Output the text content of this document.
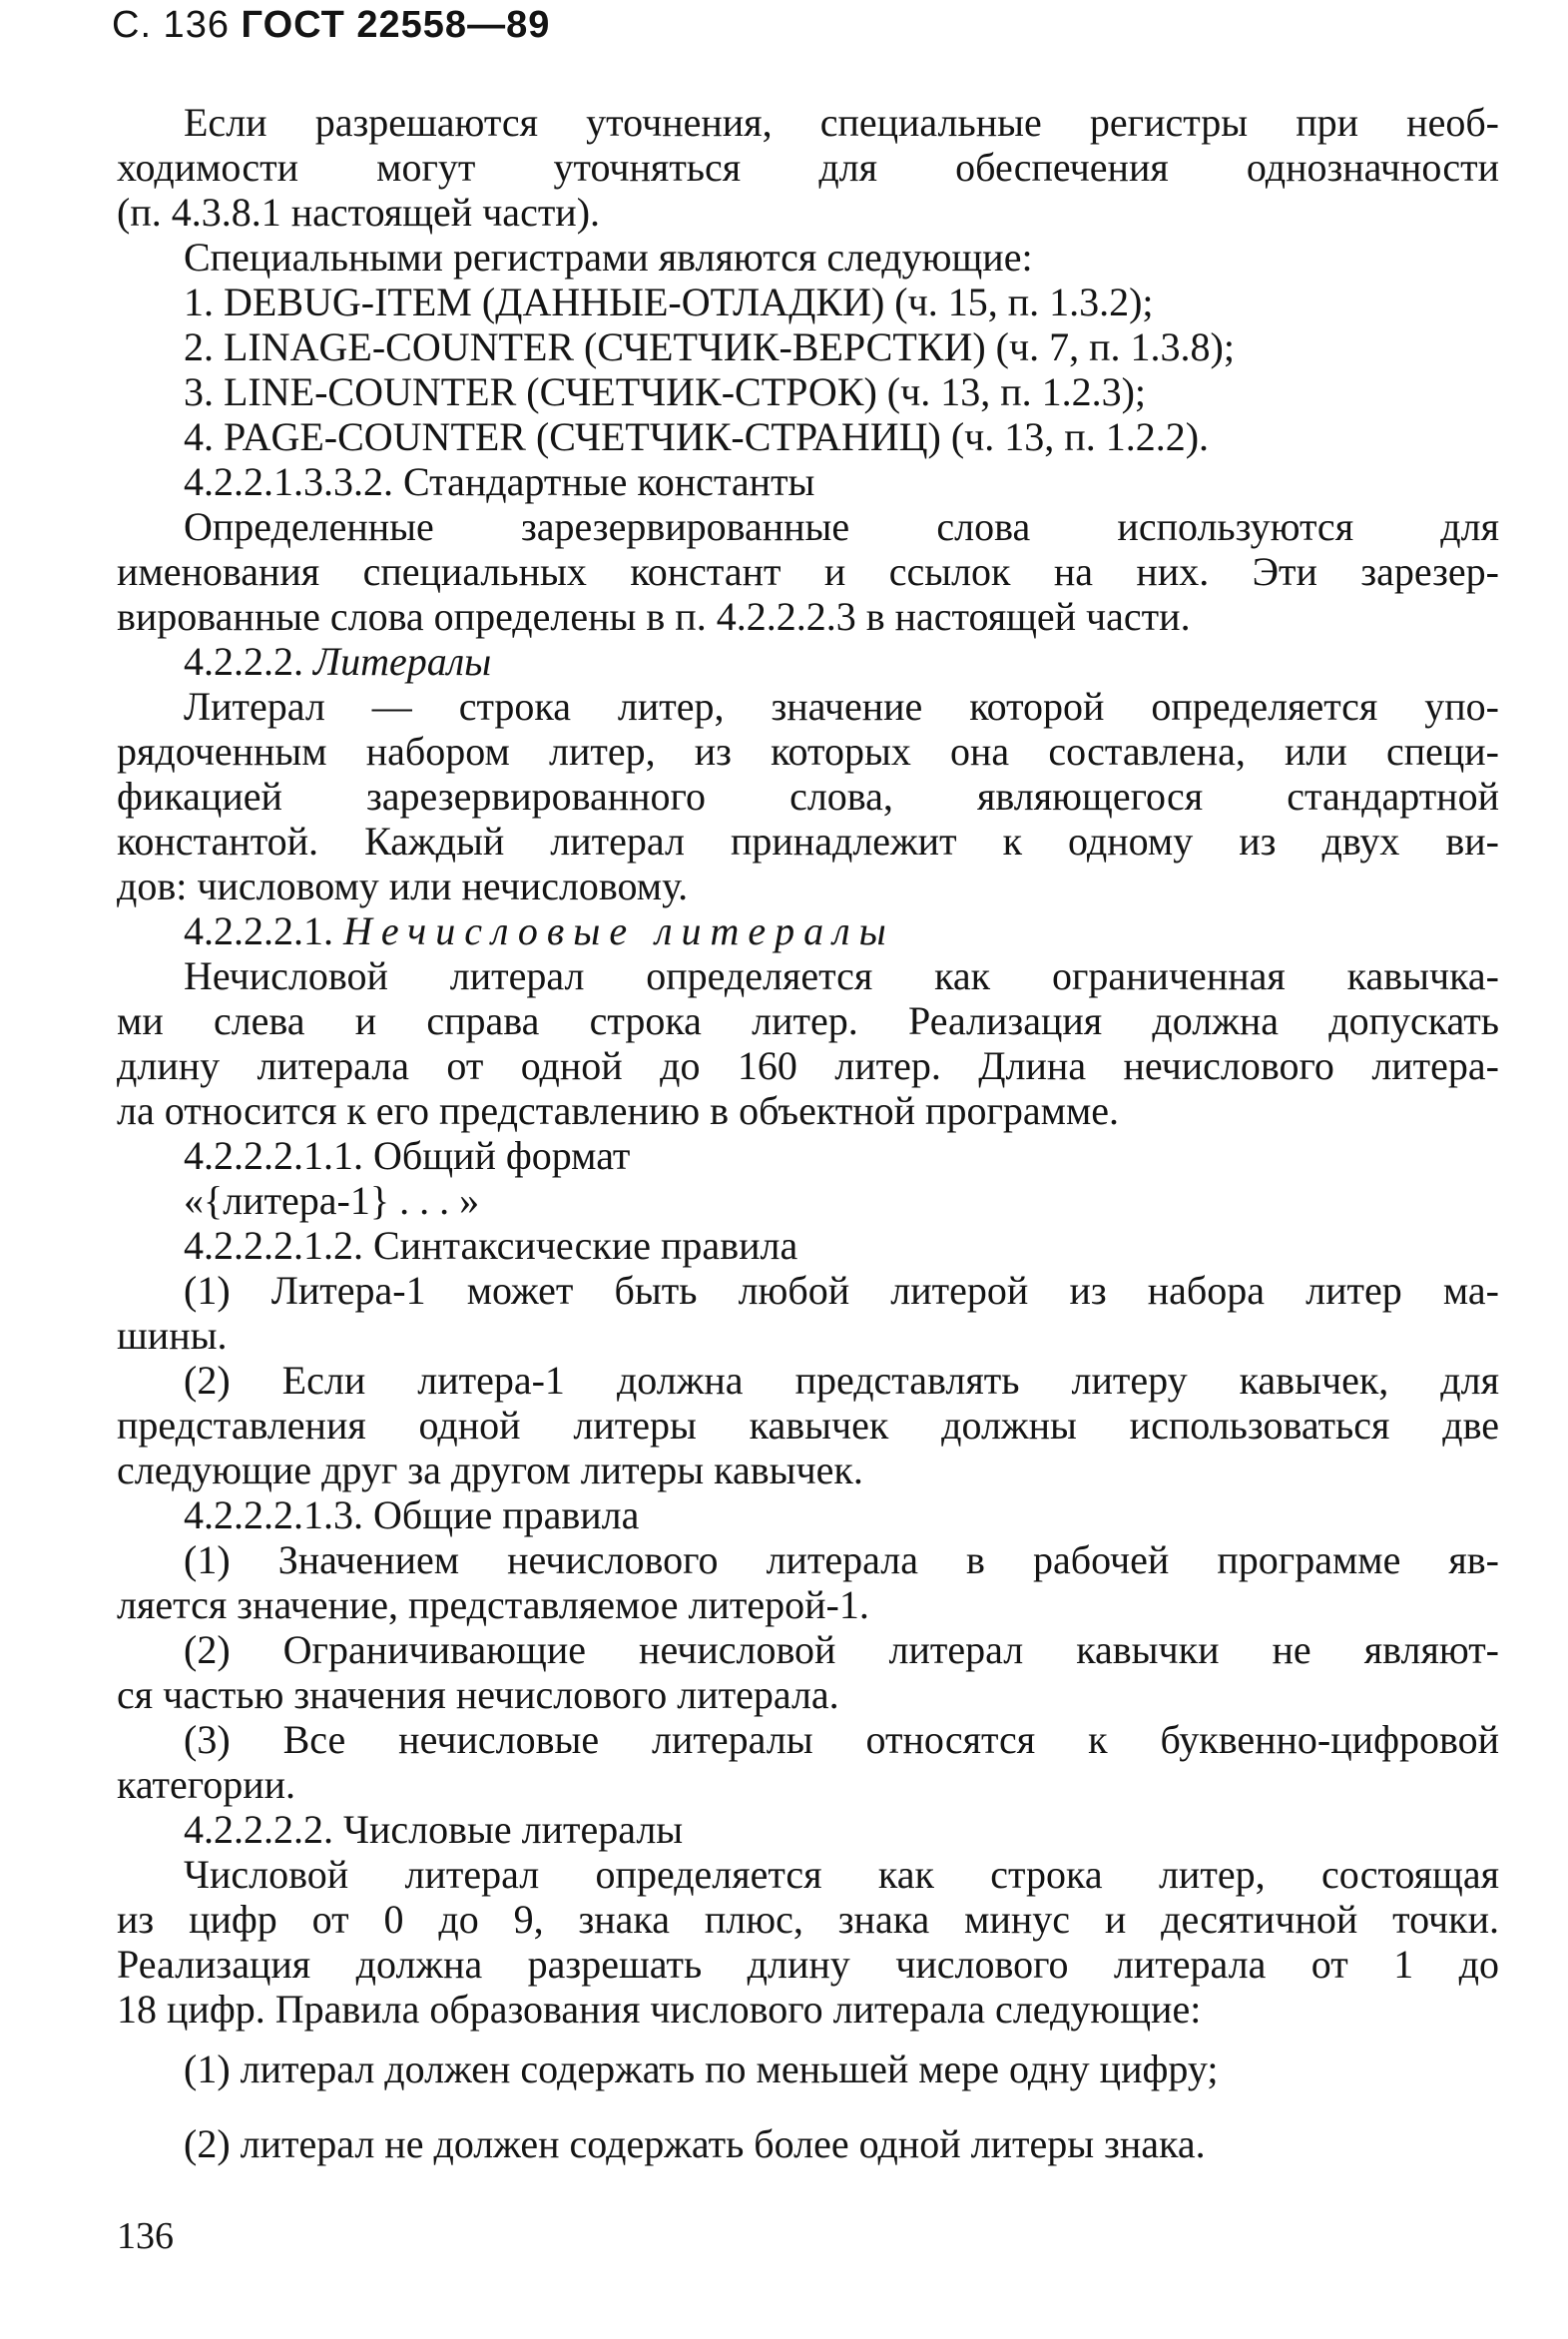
С. 136 ГОСТ 22558—89
Если разрешаются уточнения, специальные регистры при необ-
ходимости могут уточняться для обеспечения однозначности
(п. 4.3.8.1 настоящей части).
Специальными регистрами являются следующие:
1. DEBUG-ITEM (ДАННЫЕ-ОТЛАДКИ) (ч. 15, п. 1.3.2);
2. LINAGE-COUNTER (СЧЕТЧИК-ВЕРСТКИ) (ч. 7, п. 1.3.8);
3. LINE-COUNTER (СЧЕТЧИК-СТРОК) (ч. 13, п. 1.2.3);
4. PAGE-COUNTER (СЧЕТЧИК-СТРАНИЦ) (ч. 13, п. 1.2.2).
4.2.2.1.3.3.2. Стандартные константы
Определенные зарезервированные слова используются для
именования специальных констант и ссылок на них. Эти зарезер-
вированные слова определены в п. 4.2.2.2.3 в настоящей части.
4.2.2.2. Литералы
Литерал — строка литер, значение которой определяется упо-
рядоченным набором литер, из которых она составлена, или специ-
фикацией зарезервированного слова, являющегося стандартной
константой. Каждый литерал принадлежит к одному из двух ви-
дов: числовому или нечисловому.
4.2.2.2.1. Нечисловые литералы
Нечисловой литерал определяется как ограниченная кавычка-
ми слева и справа строка литер. Реализация должна допускать
длину литерала от одной до 160 литер. Длина нечислового литера-
ла относится к его представлению в объектной программе.
4.2.2.2.1.1. Общий формат
«{литера-1} . . . »
4.2.2.2.1.2. Синтаксические правила
(1) Литера-1 может быть любой литерой из набора литер ма-
шины.
(2) Если литера-1 должна представлять литеру кавычек, для
представления одной литеры кавычек должны использоваться две
следующие друг за другом литеры кавычек.
4.2.2.2.1.3. Общие правила
(1) Значением нечислового литерала в рабочей программе яв-
ляется значение, представляемое литерой-1.
(2) Ограничивающие нечисловой литерал кавычки не являют-
ся частью значения нечислового литерала.
(3) Все нечисловые литералы относятся к буквенно-цифровой
категории.
4.2.2.2.2. Числовые литералы
Числовой литерал определяется как строка литер, состоящая
из цифр от 0 до 9, знака плюс, знака минус и десятичной точки.
Реализация должна разрешать длину числового литерала от 1 до
18 цифр. Правила образования числового литерала следующие:
(1) литерал должен содержать по меньшей мере одну цифру;
(2) литерал не должен содержать более одной литеры знака.
136
